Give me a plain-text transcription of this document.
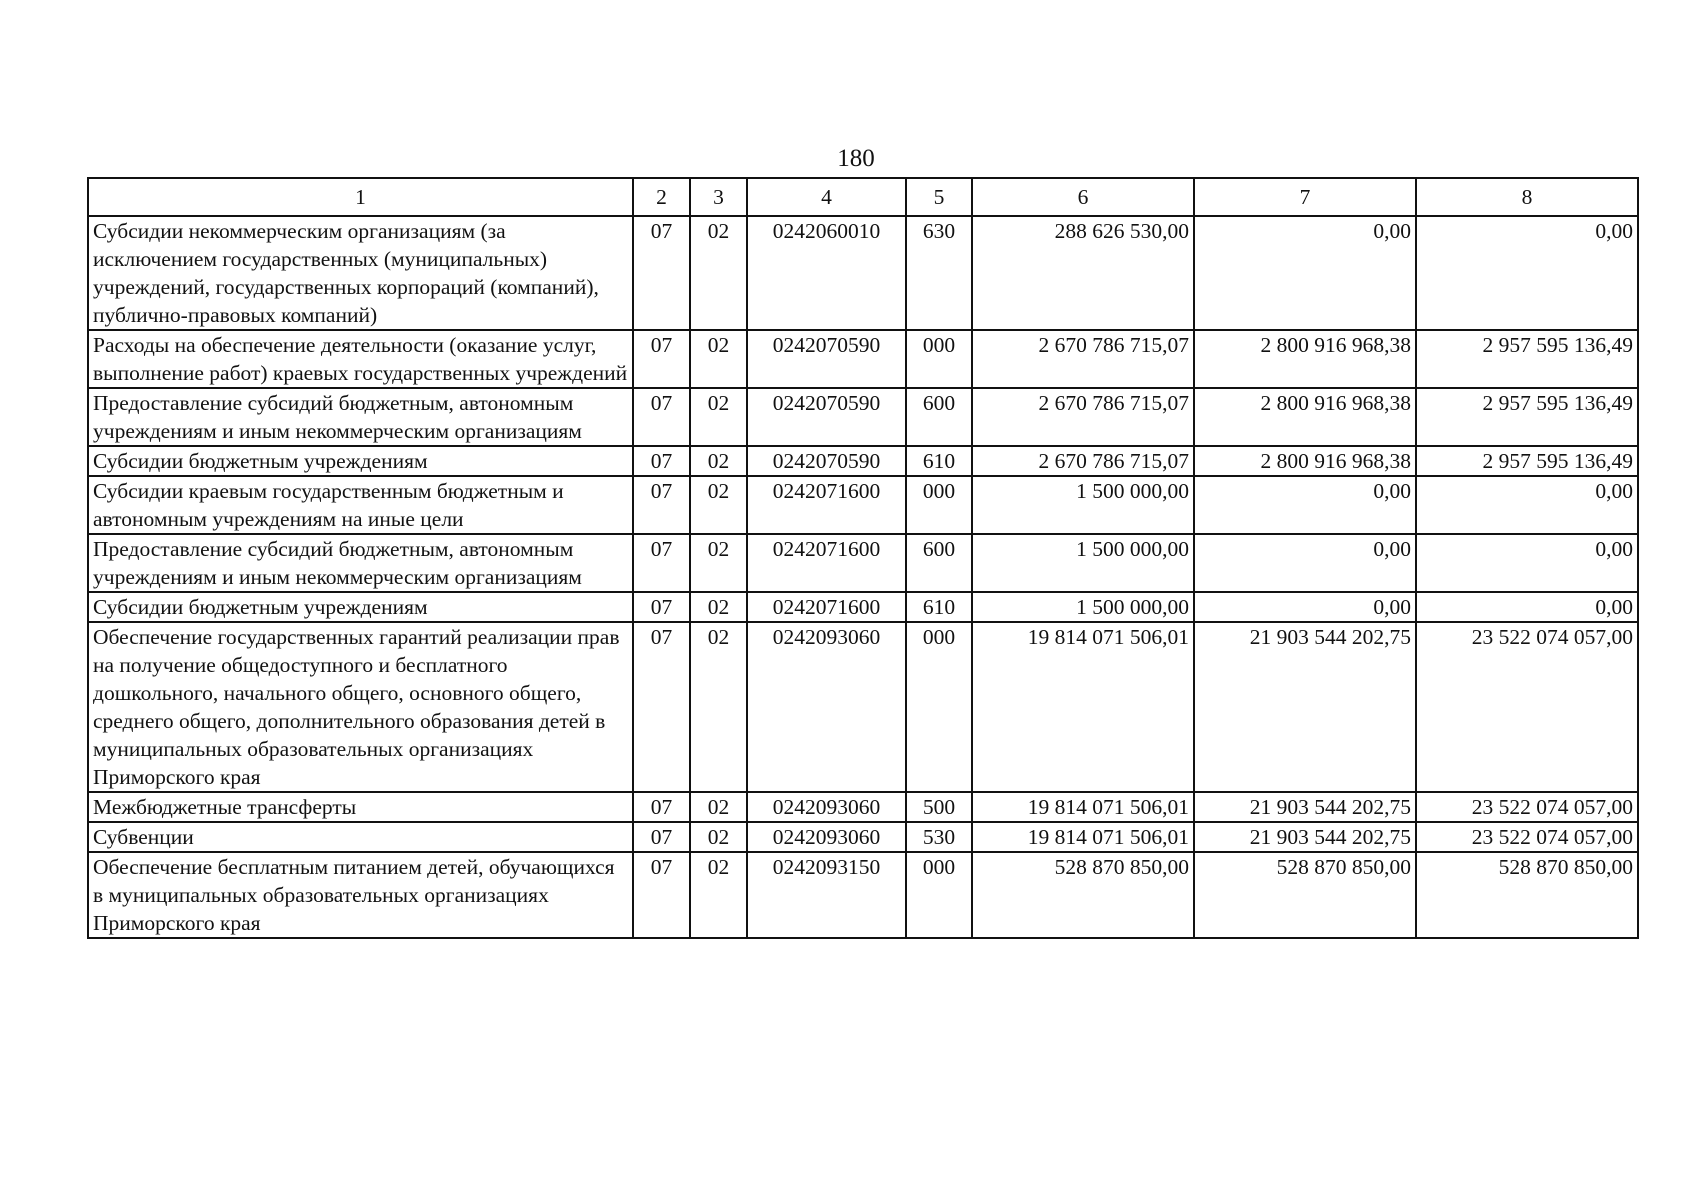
180
1	2	3	4	5	6	7	8
Субсидии некоммерческим организациям (за исключением государственных (муниципальных) учреждений, государственных корпораций (компаний), публично-правовых компаний)	07	02	0242060010	630	288 626 530,00	0,00	0,00
Расходы на обеспечение деятельности (оказание услуг, выполнение работ) краевых государственных учреждений	07	02	0242070590	000	2 670 786 715,07	2 800 916 968,38	2 957 595 136,49
Предоставление субсидий бюджетным, автономным учреждениям и иным некоммерческим организациям	07	02	0242070590	600	2 670 786 715,07	2 800 916 968,38	2 957 595 136,49
Субсидии бюджетным учреждениям	07	02	0242070590	610	2 670 786 715,07	2 800 916 968,38	2 957 595 136,49
Субсидии краевым государственным бюджетным и автономным учреждениям на иные цели	07	02	0242071600	000	1 500 000,00	0,00	0,00
Предоставление субсидий бюджетным, автономным учреждениям и иным некоммерческим организациям	07	02	0242071600	600	1 500 000,00	0,00	0,00
Субсидии бюджетным учреждениям	07	02	0242071600	610	1 500 000,00	0,00	0,00
Обеспечение государственных гарантий реализации прав на получение общедоступного и бесплатного дошкольного, начального общего, основного общего, среднего общего, дополнительного образования детей в муниципальных образовательных организациях Приморского края	07	02	0242093060	000	19 814 071 506,01	21 903 544 202,75	23 522 074 057,00
Межбюджетные трансферты	07	02	0242093060	500	19 814 071 506,01	21 903 544 202,75	23 522 074 057,00
Субвенции	07	02	0242093060	530	19 814 071 506,01	21 903 544 202,75	23 522 074 057,00
Обеспечение бесплатным питанием детей, обучающихся в муниципальных образовательных организациях Приморского края	07	02	0242093150	000	528 870 850,00	528 870 850,00	528 870 850,00
